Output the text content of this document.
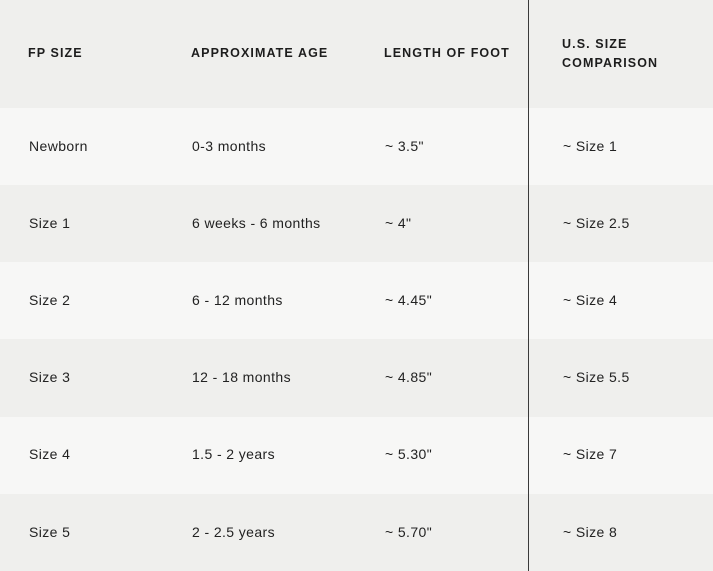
FP SIZE	APPROXIMATE AGE	LENGTH OF FOOT	U.S. SIZE COMPARISON

Newborn	0-3 months	~ 3.5"	~ Size 1

Size 1	6 weeks - 6 months	~ 4"	~ Size 2.5

Size 2	6 - 12 months	~ 4.45"	~ Size 4

Size 3	12 - 18 months	~ 4.85"	~ Size 5.5

Size 4	1.5 - 2 years	~ 5.30"	~ Size 7

Size 5	2 - 2.5 years	~ 5.70"	~ Size 8
